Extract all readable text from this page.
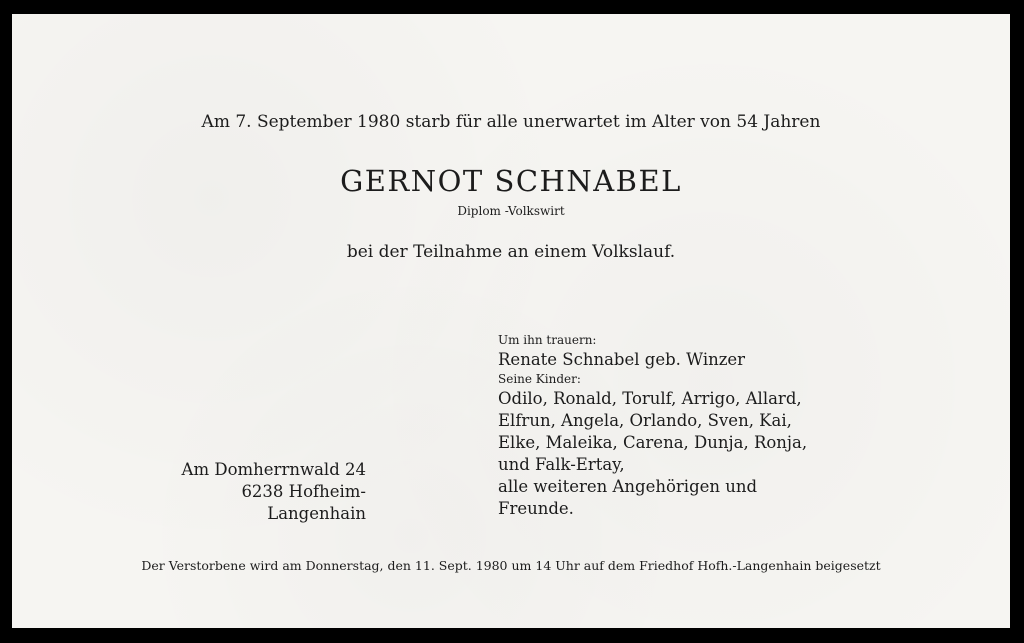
Am 7. September 1980 starb für alle unerwartet im Alter von 54 Jahren
GERNOT SCHNABEL
Diplom -Volkswirt
bei der Teilnahme an einem Volkslauf.
Um ihn trauern:
Renate Schnabel geb. Winzer
Seine Kinder:
Odilo, Ronald, Torulf, Arrigo, Allard,
Elfrun, Angela, Orlando, Sven, Kai,
Elke, Maleika, Carena, Dunja, Ronja,
und Falk-Ertay,
alle weiteren Angehörigen und Freunde.
Am Domherrnwald 24
6238 Hofheim-Langenhain
Der Verstorbene wird am Donnerstag, den 11. Sept. 1980 um 14 Uhr auf dem Friedhof Hofh.-Langenhain beigesetzt
